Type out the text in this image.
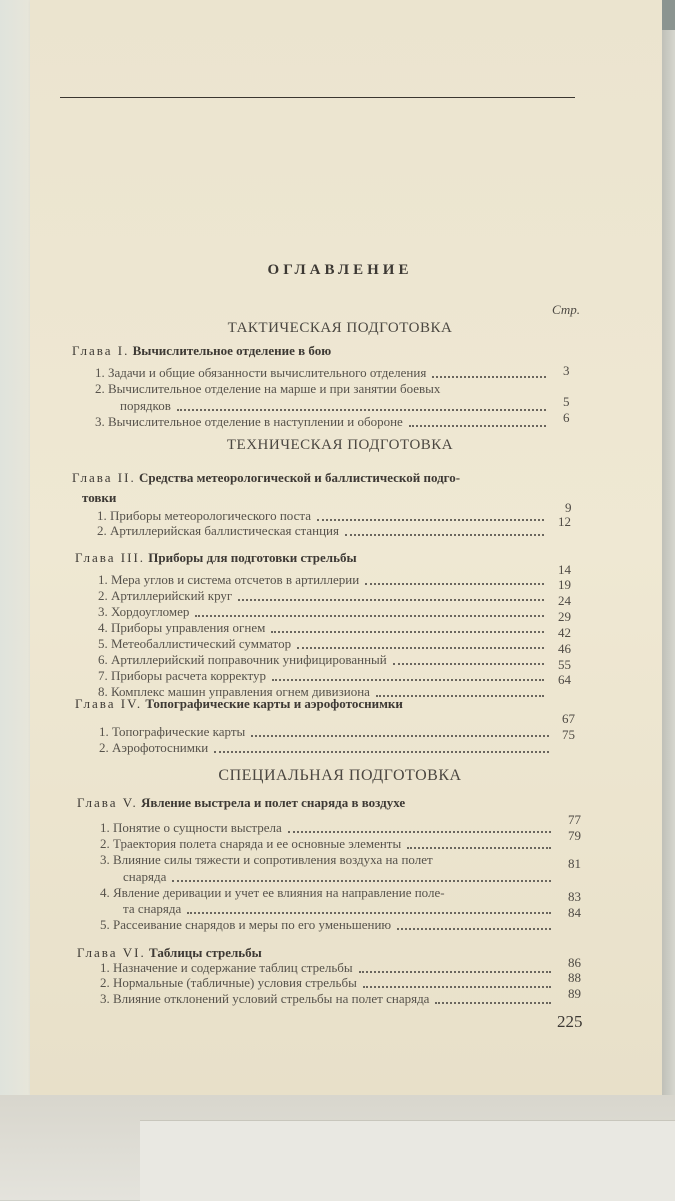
ОГЛАВЛЕНИЕ
Стр.
ТАКТИЧЕСКАЯ ПОДГОТОВКА
ТЕХНИЧЕСКАЯ ПОДГОТОВКА
СПЕЦИАЛЬНАЯ ПОДГОТОВКА
Глава I. Вычислительное отделение в бою
Глава II. Средства метеорологической и баллистической подго-
товки
Глава III. Приборы для подготовки стрельбы
Глава IV. Топографические карты и аэрофотоснимки
Глава V. Явление выстрела и полет снаряда в воздухе
Глава VI. Таблицы стрельбы
1. Задачи и общие обязанности вычислительного отделения
2. Вычислительное отделение на марше и при занятии боевых
порядков
3. Вычислительное отделение в наступлении и обороне
1. Приборы метеорологического поста
2. Артиллерийская баллистическая станция
1. Мера углов и система отсчетов в артиллерии
2. Артиллерийский круг
3. Хордоугломер
4. Приборы управления огнем
5. Метеобаллистический сумматор
6. Артиллерийский поправочник унифицированный
7. Приборы расчета корректур
8. Комплекс машин управления огнем дивизиона
1. Топографические карты
2. Аэрофотоснимки
1. Понятие о сущности выстрела
2. Траектория полета снаряда и ее основные элементы
3. Влияние силы тяжести и сопротивления воздуха на полет
снаряда
4. Явление деривации и учет ее влияния на направление поле-
та снаряда
5. Рассеивание снарядов и меры по его уменьшению
1. Назначение и содержание таблиц стрельбы
2. Нормальные (табличные) условия стрельбы
3. Влияние отклонений условий стрельбы на полет снаряда
3
5
6
9
12
14
19
24
29
42
46
55
64
67
75
77
79
81
83
84
86
88
89
225
